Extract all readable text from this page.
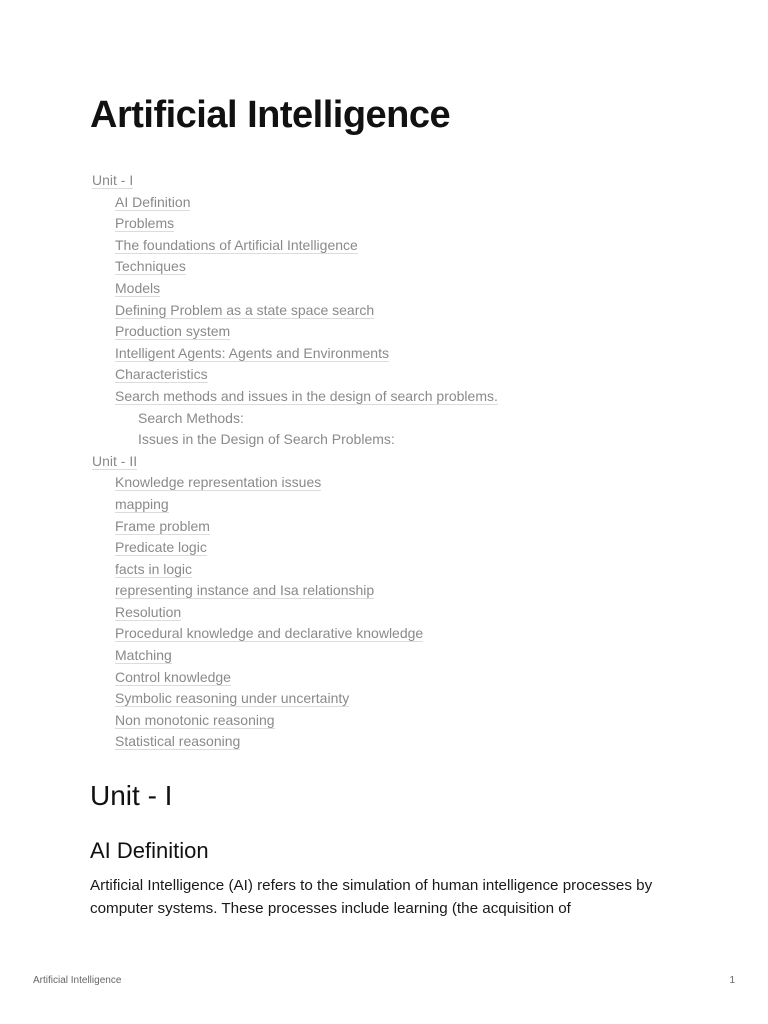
Artificial Intelligence
Unit - I
AI Definition
Problems
The foundations of Artificial Intelligence
Techniques
Models
Defining Problem as a state space search
Production system
Intelligent Agents: Agents and Environments
Characteristics
Search methods and issues in the design of search problems.
Search Methods:
Issues in the Design of Search Problems:
Unit - II
Knowledge representation issues
mapping
Frame problem
Predicate logic
facts in logic
representing instance and Isa relationship
Resolution
Procedural knowledge and declarative knowledge
Matching
Control knowledge
Symbolic reasoning under uncertainty
Non monotonic reasoning
Statistical reasoning
Unit - I
AI Definition

Artificial Intelligence (AI) refers to the simulation of human intelligence processes by computer systems. These processes include learning (the acquisition of

Artificial Intelligence	1
